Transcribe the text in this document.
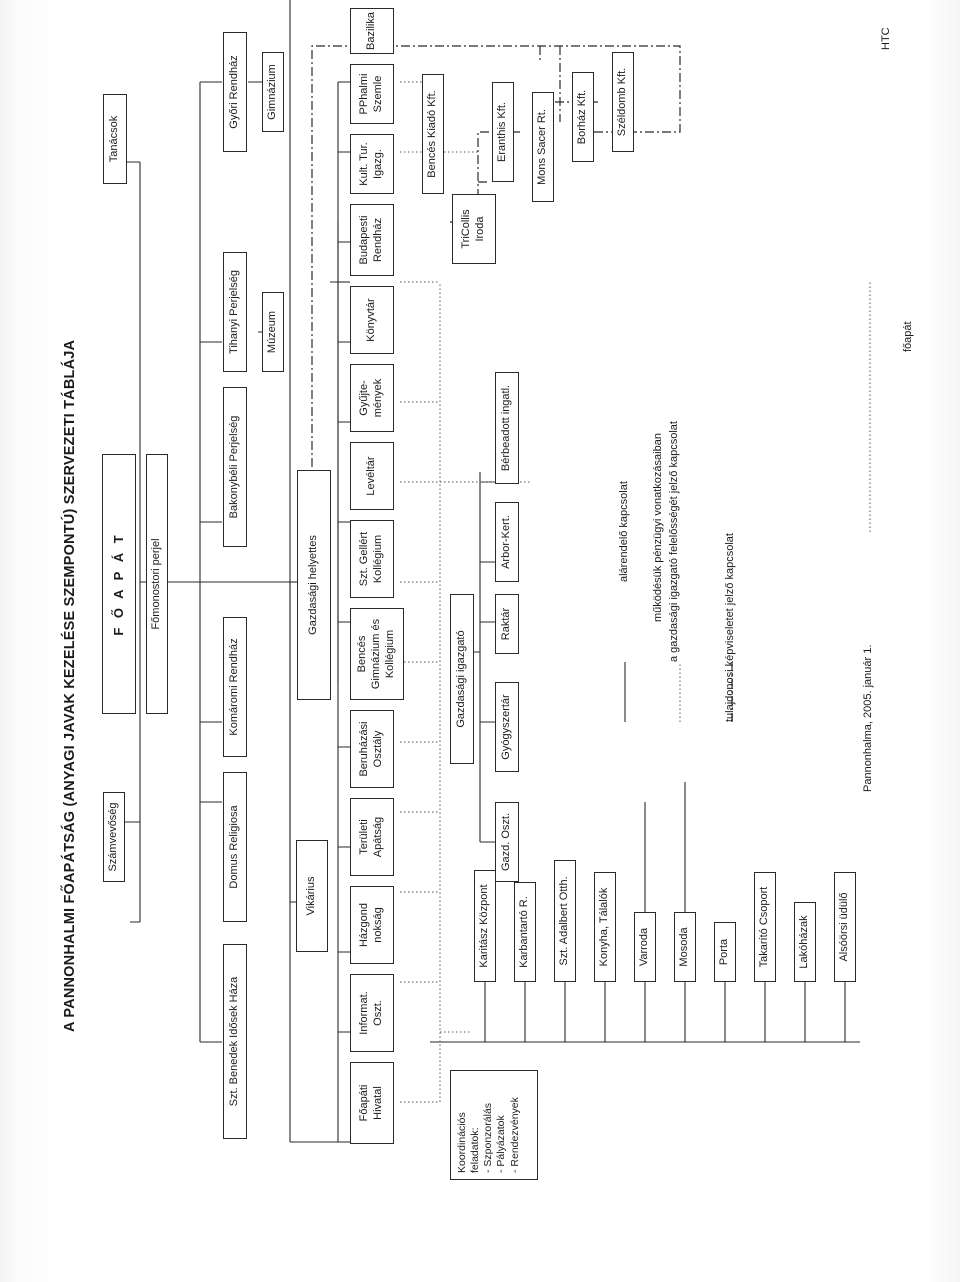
A PANNONHALMI FŐAPÁTSÁG (ANYAGI JAVAK KEZELÉSE SZEMPONTÚ) SZERVEZETI TÁBLÁJA
HTC
Számvevőség
F Ő A P Á T	Főmonostori perjel
Tanácsok
Szt. Benedek Idősek Háza
Domus Religiosa
Komáromi Rendház
Bakonybéli Perjelség
Tihanyi Perjelség	Múzeum
Győri Rendház	Gimnázium
Vikárius
Gazdasági helyettes
Főapáti
Hivatal
Informat.
Oszt.
Házgond
nokság
Területi
Apátság
Beruházási
Osztály
Bencés
Gimnázium és
Kollégium
Szt. Gellért
Kollégium
Levéltár
Gyűjte-
mények
Könyvtár
Budapesti
Rendház
Kult. Tur.
Igazg.
PPhalmi
Szemle
Bazilika
Koordinációs
feladatok:
- Szponzorálás
- Pályázatok
- Rendezvények
Gazdasági igazgató
Karitász Központ	Karbantartó R.	Szt. Adalbert Otth.	Konyha, Tálalók	Varroda	Mosoda	Porta	Takarító Csoport	Lakóházak	Alsóörsi üdülő
Gazd. Oszt.
Gyógyszertár
Raktár
Arbor-Kert.
Bérbeadott ingatl.
TriCollis
Iroda
Bencés Kiadó Kft.	Eranthis Kft.	Mons Sacer Rt.	Borház Kft.	Széldomb Kft.
alárendelő kapcsolat működésük pénzügyi vonatkozásaiban a gazdasági igazgató felelősségét jelző kapcsolat	tulajdonosi képviseletet jelző kapcsolat	Pannonhalma, 2005. január 1.
főapát
